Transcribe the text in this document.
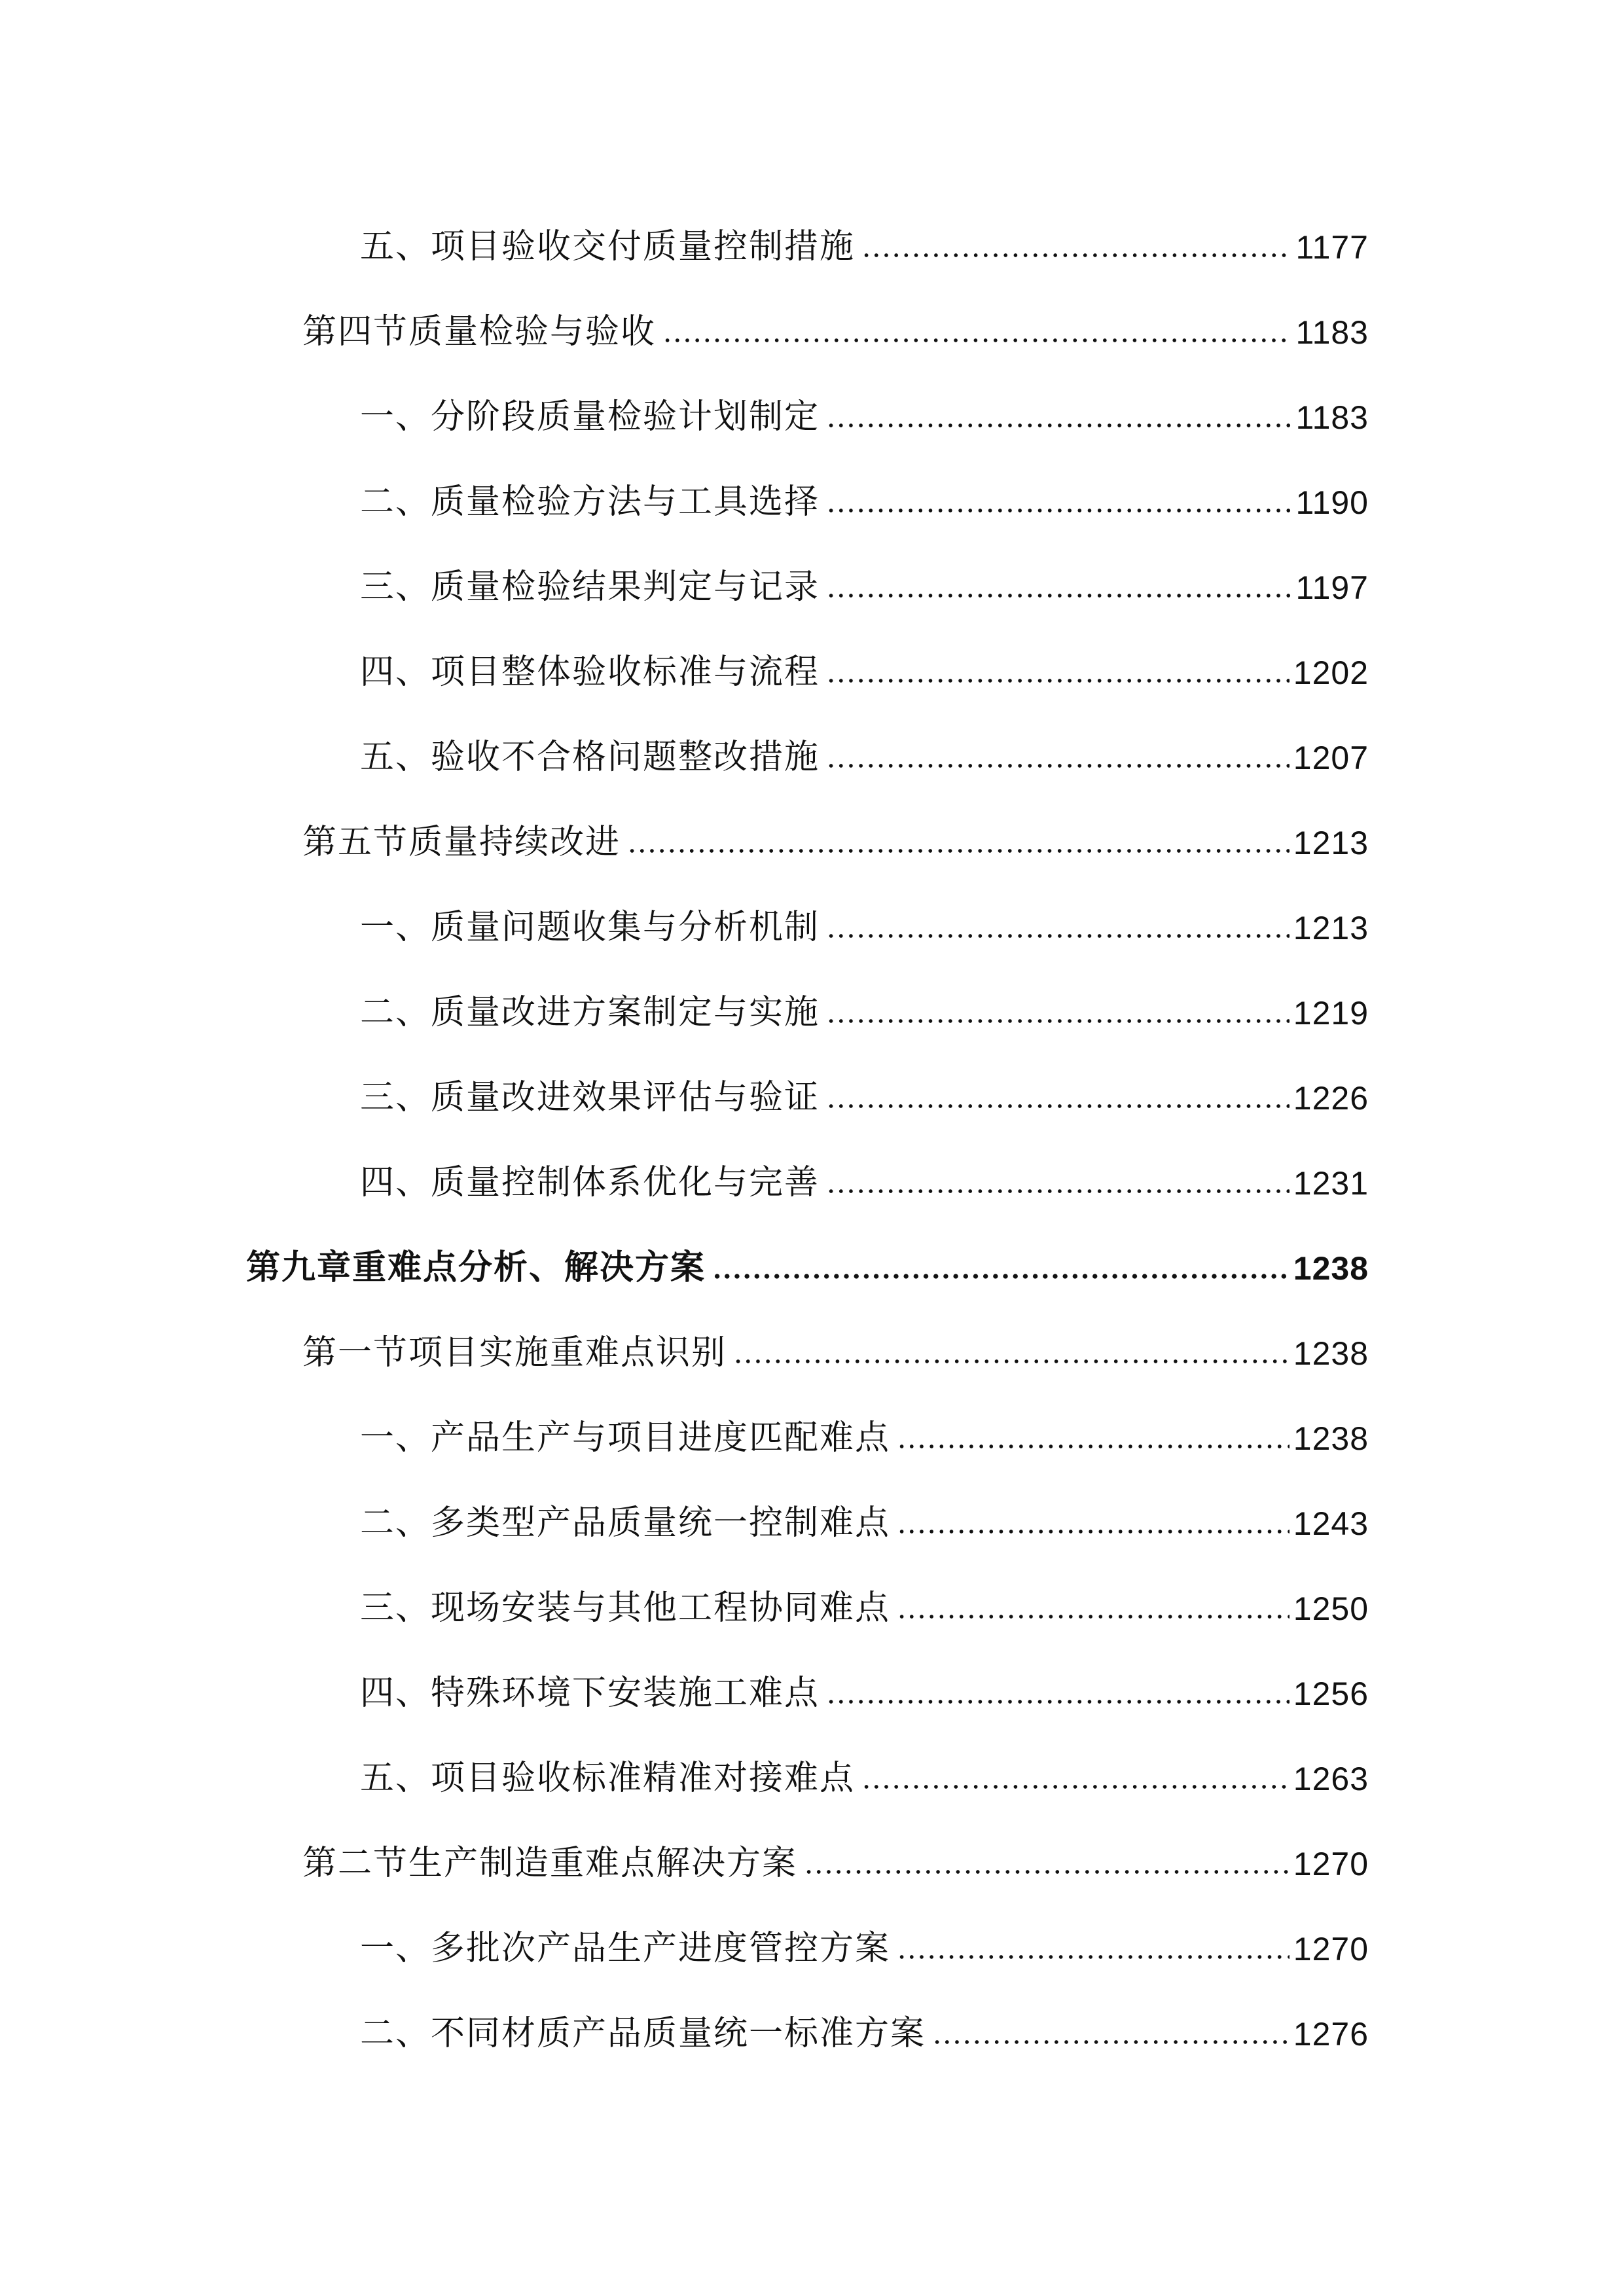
五、项目验收交付质量控制措施	1177
第四节质量检验与验收	1183
一、分阶段质量检验计划制定	1183
二、质量检验方法与工具选择	1190
三、质量检验结果判定与记录	1197
四、项目整体验收标准与流程	1202
五、验收不合格问题整改措施	1207
第五节质量持续改进	1213
一、质量问题收集与分析机制	1213
二、质量改进方案制定与实施	1219
三、质量改进效果评估与验证	1226
四、质量控制体系优化与完善	1231
第九章重难点分析、解决方案	1238
第一节项目实施重难点识别	1238
一、产品生产与项目进度匹配难点	1238
二、多类型产品质量统一控制难点	1243
三、现场安装与其他工程协同难点	1250
四、特殊环境下安装施工难点	1256
五、项目验收标准精准对接难点	1263
第二节生产制造重难点解决方案	1270
一、多批次产品生产进度管控方案	1270
二、不同材质产品质量统一标准方案	1276
